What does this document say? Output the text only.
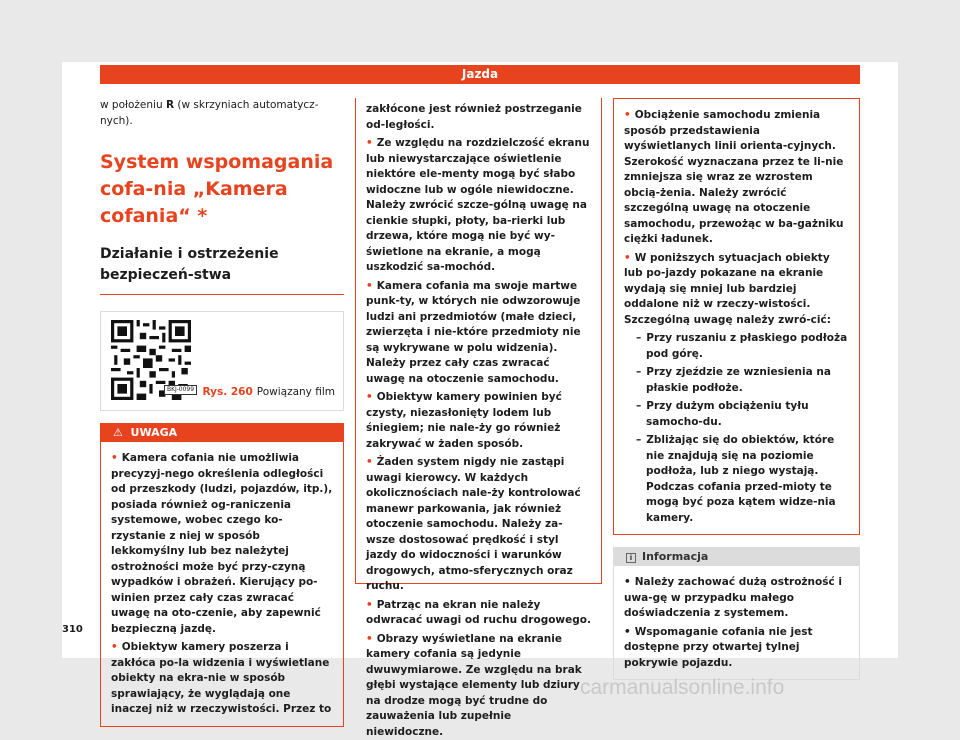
Jazda

w położeniu R (w skrzyniach automatycz-nych).

System wspomagania cofa-nia „Kamera cofania“ *

Działanie i ostrzeżenie bezpieczeń-stwa

BKJ-0099 Rys. 260 Powiązany film
⚠ UWAGA

• Kamera cofania nie umożliwia precyzyj-nego określenia odległości od przeszkody (ludzi, pojazdów, itp.), posiada również og-raniczenia systemowe, wobec czego ko-rzystanie z niej w sposób lekkomyślny lub bez należytej ostrożności może być przy-czyną wypadków i obrażeń. Kierujący po-winien przez cały czas zwracać uwagę na oto-czenie, aby zapewnić bezpieczną jazdę.

• Obiektyw kamery poszerza i zakłóca po-la widzenia i wyświetlane obiekty na ekra-nie w sposób sprawiający, że wyglądają one inaczej niż w rzeczywistości. Przez to

zakłócone jest również postrzeganie od-ległości.

• Ze względu na rozdzielczość ekranu lub niewystarczające oświetlenie niektóre ele-menty mogą być słabo widoczne lub w ogóle niewidoczne. Należy zwrócić szcze-gólną uwagę na cienkie słupki, płoty, ba-rierki lub drzewa, które mogą nie być wy-świetlone na ekranie, a mogą uszkodzić sa-mochód.

• Kamera cofania ma swoje martwe punk-ty, w których nie odwzorowuje ludzi ani przedmiotów (małe dzieci, zwierzęta i nie-które przedmioty nie są wykrywane w polu widzenia). Należy przez cały czas zwracać uwagę na otoczenie samochodu.

• Obiektyw kamery powinien być czysty, niezasłonięty lodem lub śniegiem; nie nale-ży go również zakrywać w żaden sposób.

• Żaden system nigdy nie zastąpi uwagi kierowcy. W każdych okolicznościach nale-ży kontrolować manewr parkowania, jak również otoczenie samochodu. Należy za-wsze dostosować prędkość i styl jazdy do widoczności i warunków drogowych, atmo-sferycznych oraz ruchu.

• Patrząc na ekran nie należy odwracać uwagi od ruchu drogowego.

• Obrazy wyświetlane na ekranie kamery cofania są jedynie dwuwymiarowe. Ze względu na brak głębi wystające elementy lub dziury na drodze mogą być trudne do zauważenia lub zupełnie niewidoczne.

• Obciążenie samochodu zmienia sposób przedstawienia wyświetlanych linii orienta-cyjnych. Szerokość wyznaczana przez te li-nie zmniejsza się wraz ze wzrostem obcią-żenia. Należy zwrócić szczególną uwagę na otoczenie samochodu, przewożąc w ba-gażniku ciężki ładunek.

• W poniższych sytuacjach obiekty lub po-jazdy pokazane na ekranie wydają się mniej lub bardziej oddalone niż w rzeczy-wistości. Szczególną uwagę należy zwró-cić:

– Przy ruszaniu z płaskiego podłoża pod górę.

– Przy zjeździe ze wzniesienia na płaskie podłoże.

– Przy dużym obciążeniu tyłu samocho-du.

– Zbliżając się do obiektów, które nie znajdują się na poziomie podłoża, lub z niego wystają. Podczas cofania przed-mioty te mogą być poza kątem widze-nia kamery.

i Informacja

• Należy zachować dużą ostrożność i uwa-gę w przypadku małego doświadczenia z systemem.

• Wspomaganie cofania nie jest dostępne przy otwartej tylnej pokrywie pojazdu.

310
carmanualsonline.info
